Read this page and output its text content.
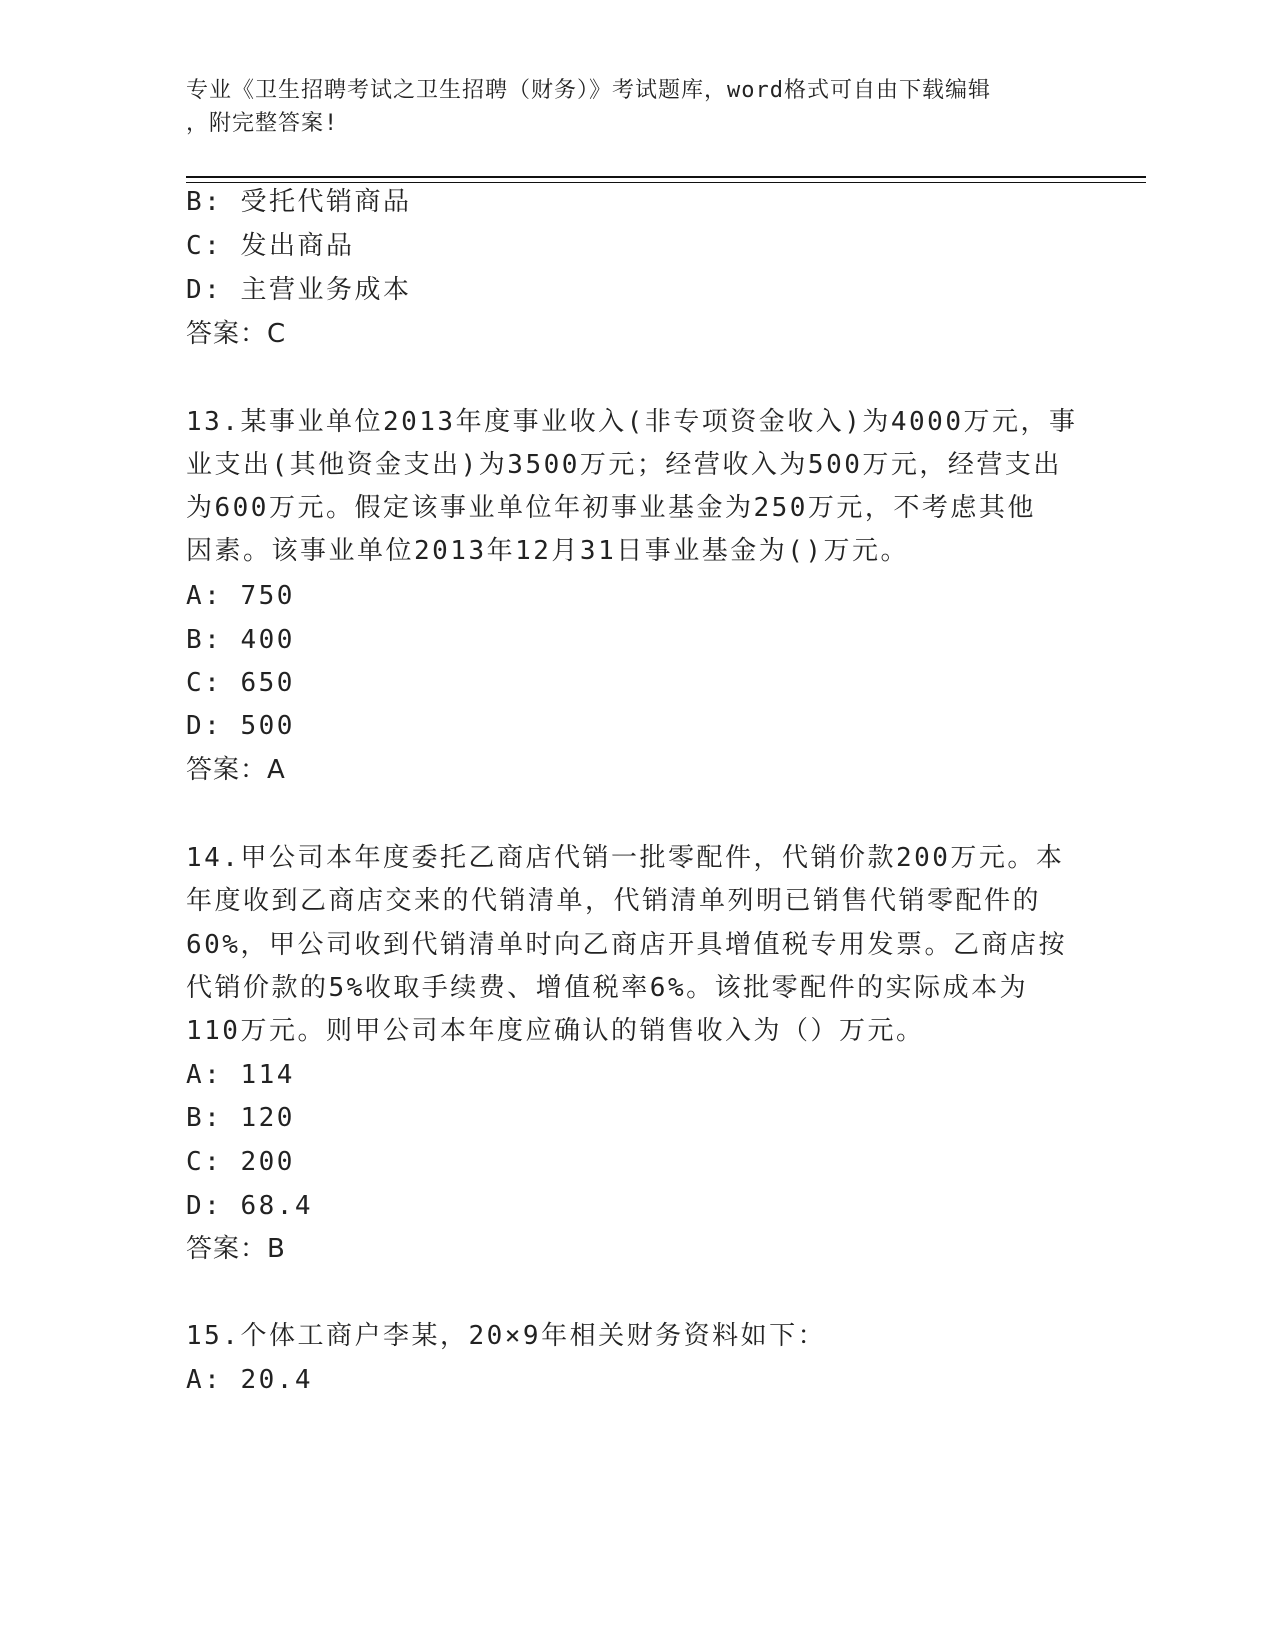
专业《卫生招聘考试之卫生招聘（财务）》考试题库，word格式可自由下载编辑
，附完整答案!
B: 受托代销商品
C: 发出商品
D: 主营业务成本
答案：C
13.某事业单位2013年度事业收入(非专项资金收入)为4000万元，事
业支出(其他资金支出)为3500万元；经营收入为500万元，经营支出
为600万元。假定该事业单位年初事业基金为250万元，不考虑其他
因素。该事业单位2013年12月31日事业基金为()万元。
A: 750
B: 400
C: 650
D: 500
答案：A
14.甲公司本年度委托乙商店代销一批零配件，代销价款200万元。本
年度收到乙商店交来的代销清单，代销清单列明已销售代销零配件的
60%，甲公司收到代销清单时向乙商店开具增值税专用发票。乙商店按
代销价款的5%收取手续费、增值税率6%。该批零配件的实际成本为
110万元。则甲公司本年度应确认的销售收入为（）万元。
A: 114
B: 120
C: 200
D: 68.4
答案：B
15.个体工商户李某，20×9年相关财务资料如下：
A: 20.4
